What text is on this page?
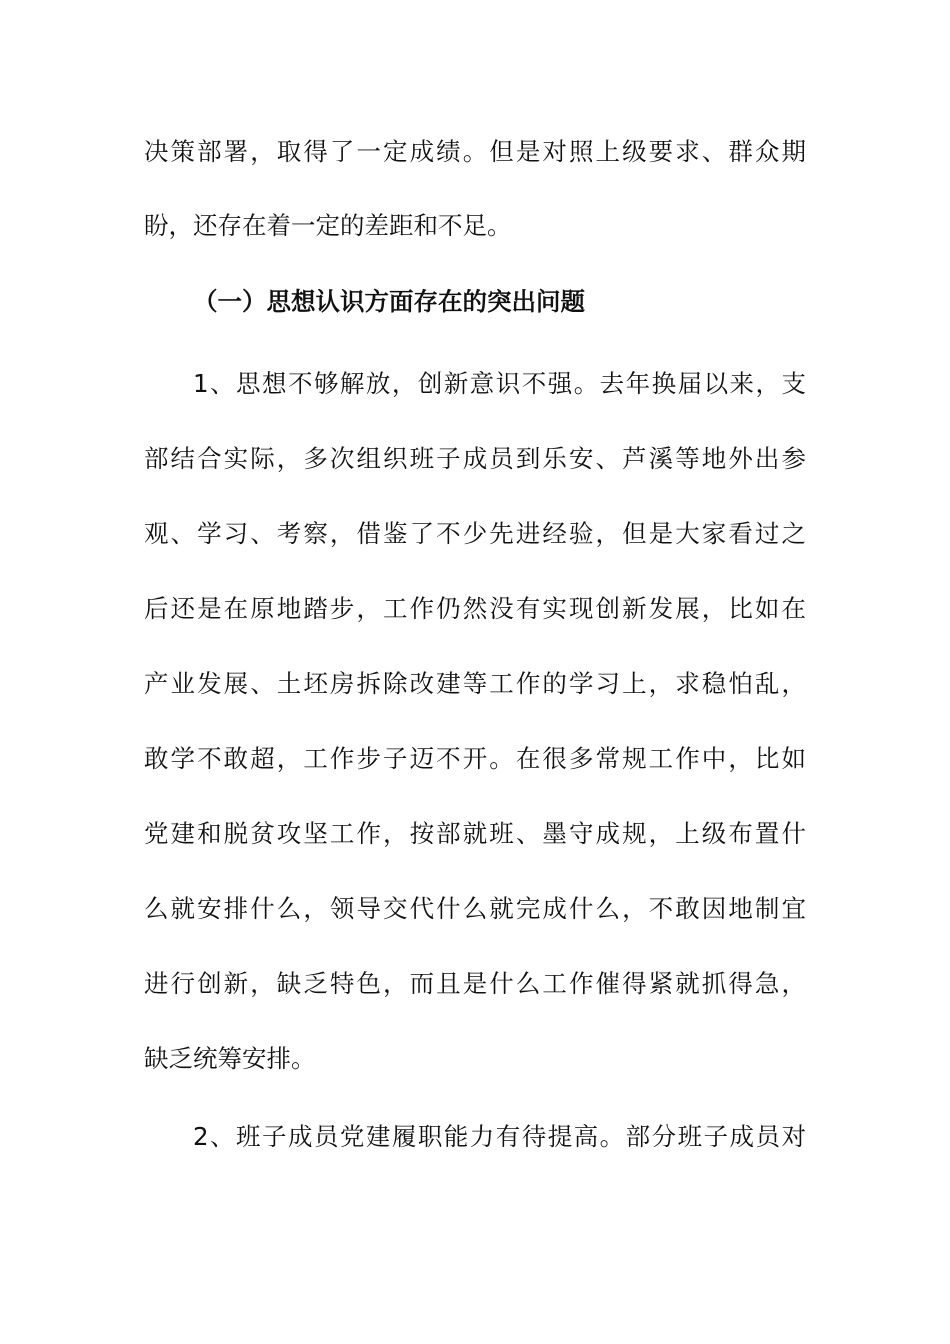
决策部署，取得了一定成绩。但是对照上级要求、群众期
盼，还存在着一定的差距和不足。
（一）思想认识方面存在的突出问题
1、思想不够解放，创新意识不强。去年换届以来，支
部结合实际，多次组织班子成员到乐安、芦溪等地外出参
观、学习、考察，借鉴了不少先进经验，但是大家看过之
后还是在原地踏步，工作仍然没有实现创新发展，比如在
产业发展、土坯房拆除改建等工作的学习上，求稳怕乱，
敢学不敢超，工作步子迈不开。在很多常规工作中，比如
党建和脱贫攻坚工作，按部就班、墨守成规，上级布置什
么就安排什么，领导交代什么就完成什么，不敢因地制宜
进行创新，缺乏特色，而且是什么工作催得紧就抓得急，
缺乏统筹安排。
2、班子成员党建履职能力有待提高。部分班子成员对
